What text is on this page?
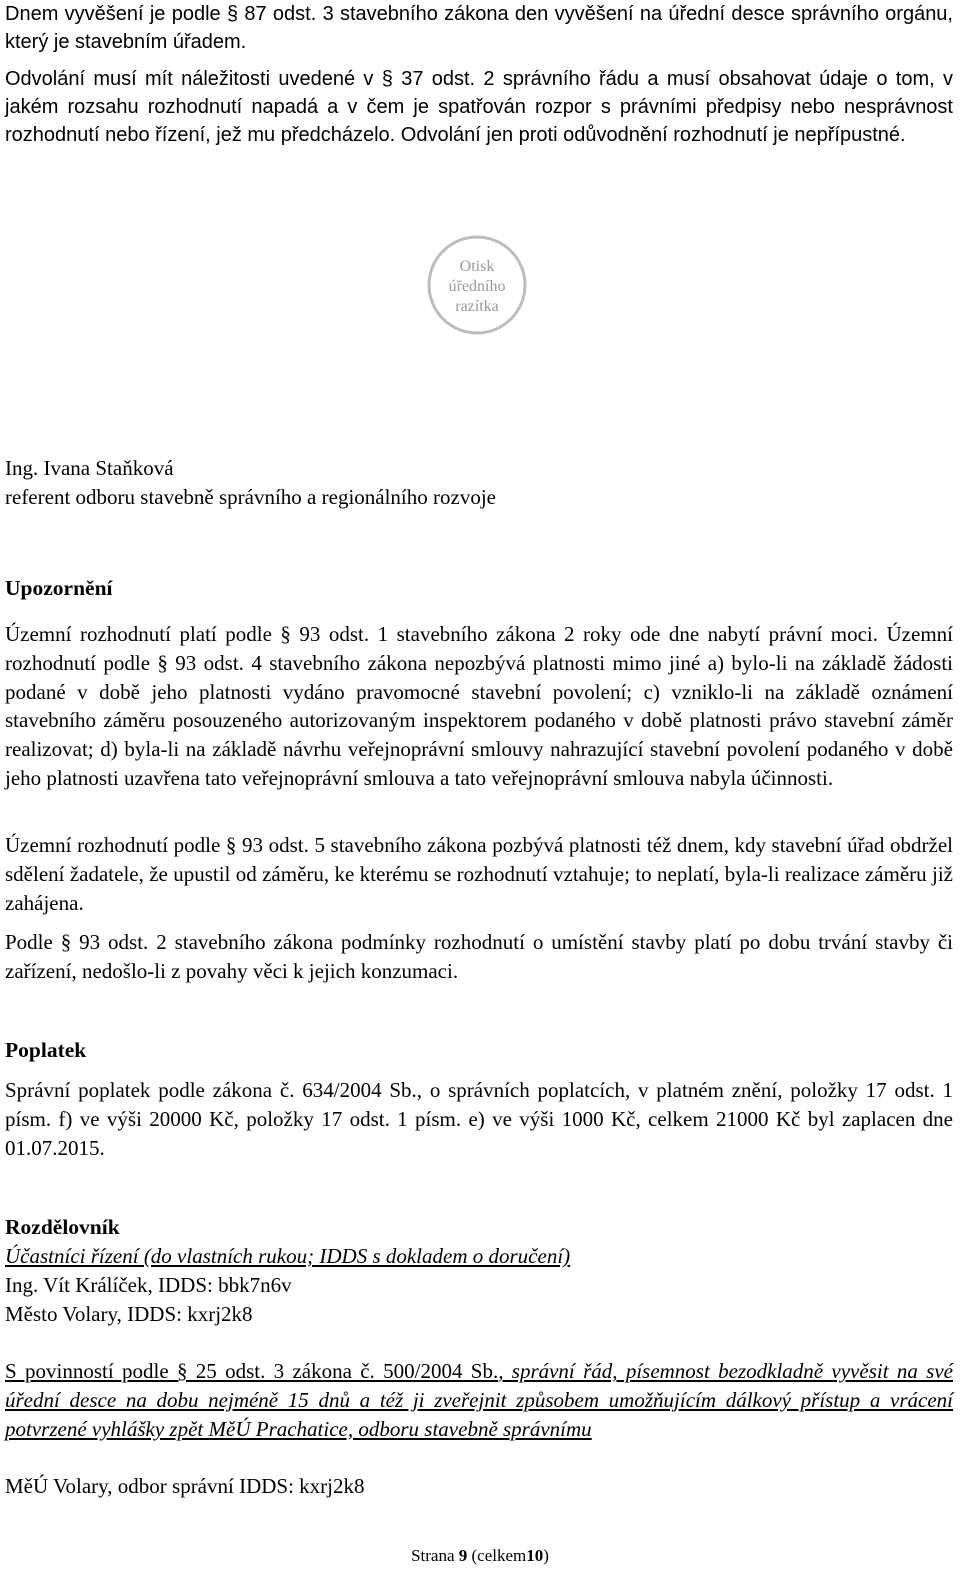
Dnem vyvěšení je podle § 87 odst. 3 stavebního zákona den vyvěšení na úřední desce správního orgánu, který je stavebním úřadem.

Odvolání musí mít náležitosti uvedené v § 37 odst. 2 správního řádu a musí obsahovat údaje o tom, v jakém rozsahu rozhodnutí napadá a v čem je spatřován rozpor s právními předpisy nebo nesprávnost rozhodnutí nebo řízení, jež mu předcházelo. Odvolání jen proti odůvodnění rozhodnutí je nepřípustné.

Otisk
úředního
razítka

Ing. Ivana Staňková

referent odboru stavebně správního a regionálního rozvoje

Upozornění

Územní rozhodnutí platí podle § 93 odst. 1 stavebního zákona 2 roky ode dne nabytí právní moci. Územní rozhodnutí podle § 93 odst. 4 stavebního zákona nepozbývá platnosti mimo jiné a) bylo-li na základě žádosti podané v době jeho platnosti vydáno pravomocné stavební povolení; c) vzniklo-li na základě oznámení stavebního záměru posouzeného autorizovaným inspektorem podaného v době platnosti právo stavební záměr realizovat; d) byla-li na základě návrhu veřejnoprávní smlouvy nahrazující stavební povolení podaného v době jeho platnosti uzavřena tato veřejnoprávní smlouva a tato veřejnoprávní smlouva nabyla účinnosti.

Územní rozhodnutí podle § 93 odst. 5 stavebního zákona pozbývá platnosti též dnem, kdy stavební úřad obdržel sdělení žadatele, že upustil od záměru, ke kterému se rozhodnutí vztahuje; to neplatí, byla-li realizace záměru již zahájena.

Podle § 93 odst. 2 stavebního zákona podmínky rozhodnutí o umístění stavby platí po dobu trvání stavby či zařízení, nedošlo-li z povahy věci k jejich konzumaci.

Poplatek

Správní poplatek podle zákona č. 634/2004 Sb., o správních poplatcích, v platném znění, položky 17 odst. 1 písm. f) ve výši 20000 Kč, položky 17 odst. 1 písm. e) ve výši 1000 Kč, celkem 21000 Kč byl zaplacen dne 01.07.2015.

Rozdělovník

Účastníci řízení (do vlastních rukou; IDDS s dokladem o doručení)

Ing. Vít Králíček, IDDS: bbk7n6v

Město Volary, IDDS: kxrj2k8

S povinností podle § 25 odst. 3 zákona č. 500/2004 Sb., správní řád, písemnost bezodkladně vyvěsit na své úřední desce na dobu nejméně 15 dnů a též ji zveřejnit způsobem umožňujícím dálkový přístup a vrácení potvrzené vyhlášky zpět MěÚ Prachatice, odboru stavebně správnímu

MěÚ Volary, odbor správní IDDS: kxrj2k8

Strana 9 (celkem10)
